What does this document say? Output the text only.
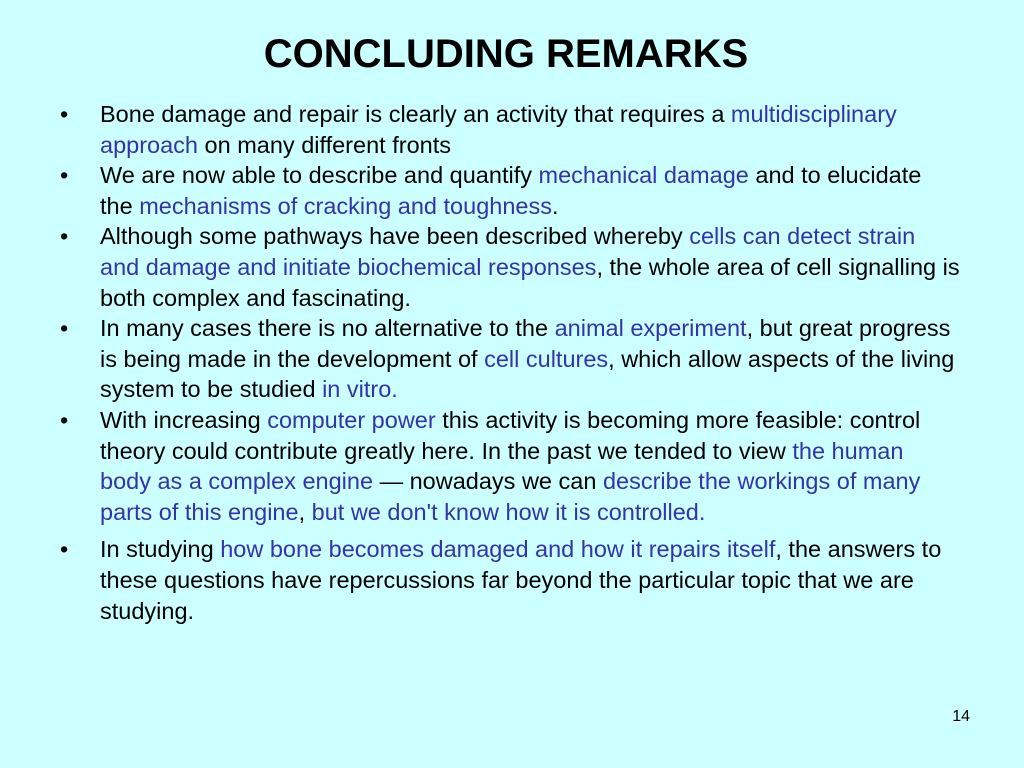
CONCLUDING REMARKS
•	Bone damage and repair is clearly an activity that requires a multidisciplinary approach on many different fronts
•	We are now able to describe and quantify mechanical damage and to elucidate the mechanisms of cracking and toughness.
•	Although some pathways have been described whereby cells can detect strain and damage and initiate biochemical responses, the whole area of cell signalling is both complex and fascinating.
•	In many cases there is no alternative to the animal experiment, but great progress is being made in the development of cell cultures, which allow aspects of the living system to be studied in vitro.
•	With increasing computer power this activity is becoming more feasible: control theory could contribute greatly here. In the past we tended to view the human body as a complex engine — nowadays we can describe the workings of many parts of this engine, but we don't know how it is controlled.
•	In studying how bone becomes damaged and how it repairs itself, the answers to these questions have repercussions far beyond the particular topic that we are studying.
14
